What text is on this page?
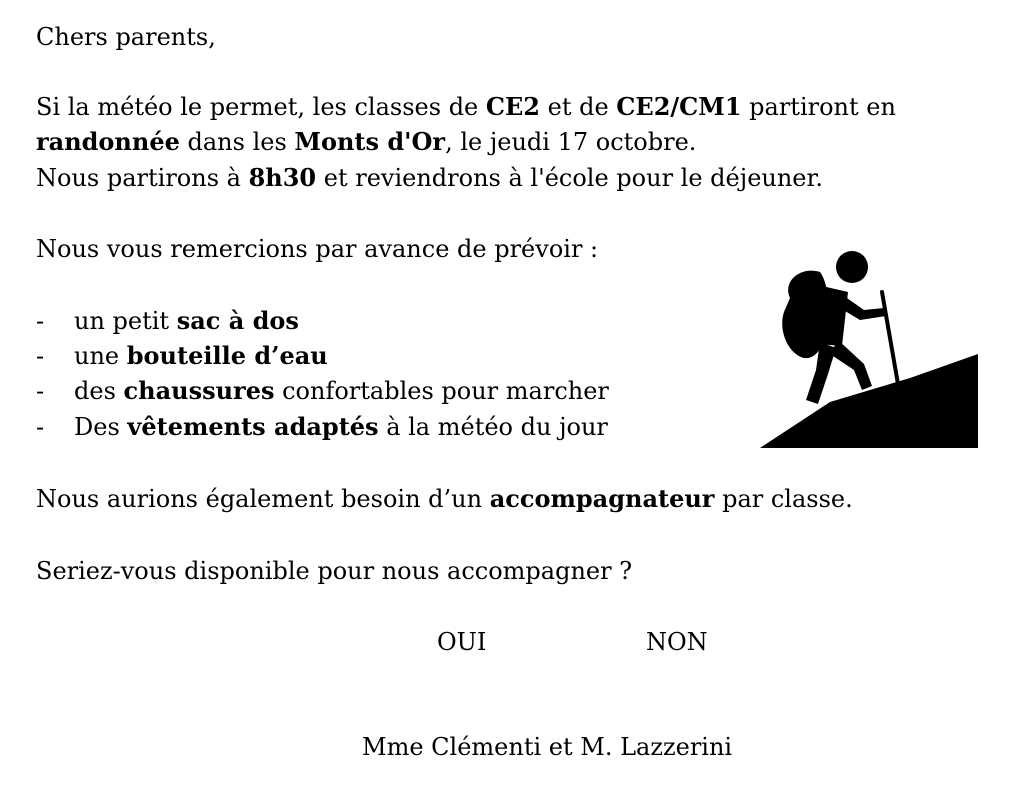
Chers parents,
Si la météo le permet, les classes de CE2 et de CE2/CM1 partiront en
randonnée dans les Monts d'Or, le jeudi 17 octobre.
Nous partirons à 8h30 et reviendrons à l'école pour le déjeuner.
Nous vous remercions par avance de prévoir :
- un petit sac à dos
- une bouteille d’eau
- des chaussures confortables pour marcher
- Des vêtements adaptés à la météo du jour
Nous aurions également besoin d’un accompagnateur par classe.
Seriez-vous disponible pour nous accompagner ?
OUI	NON
Mme Clémenti et M. Lazzerini
